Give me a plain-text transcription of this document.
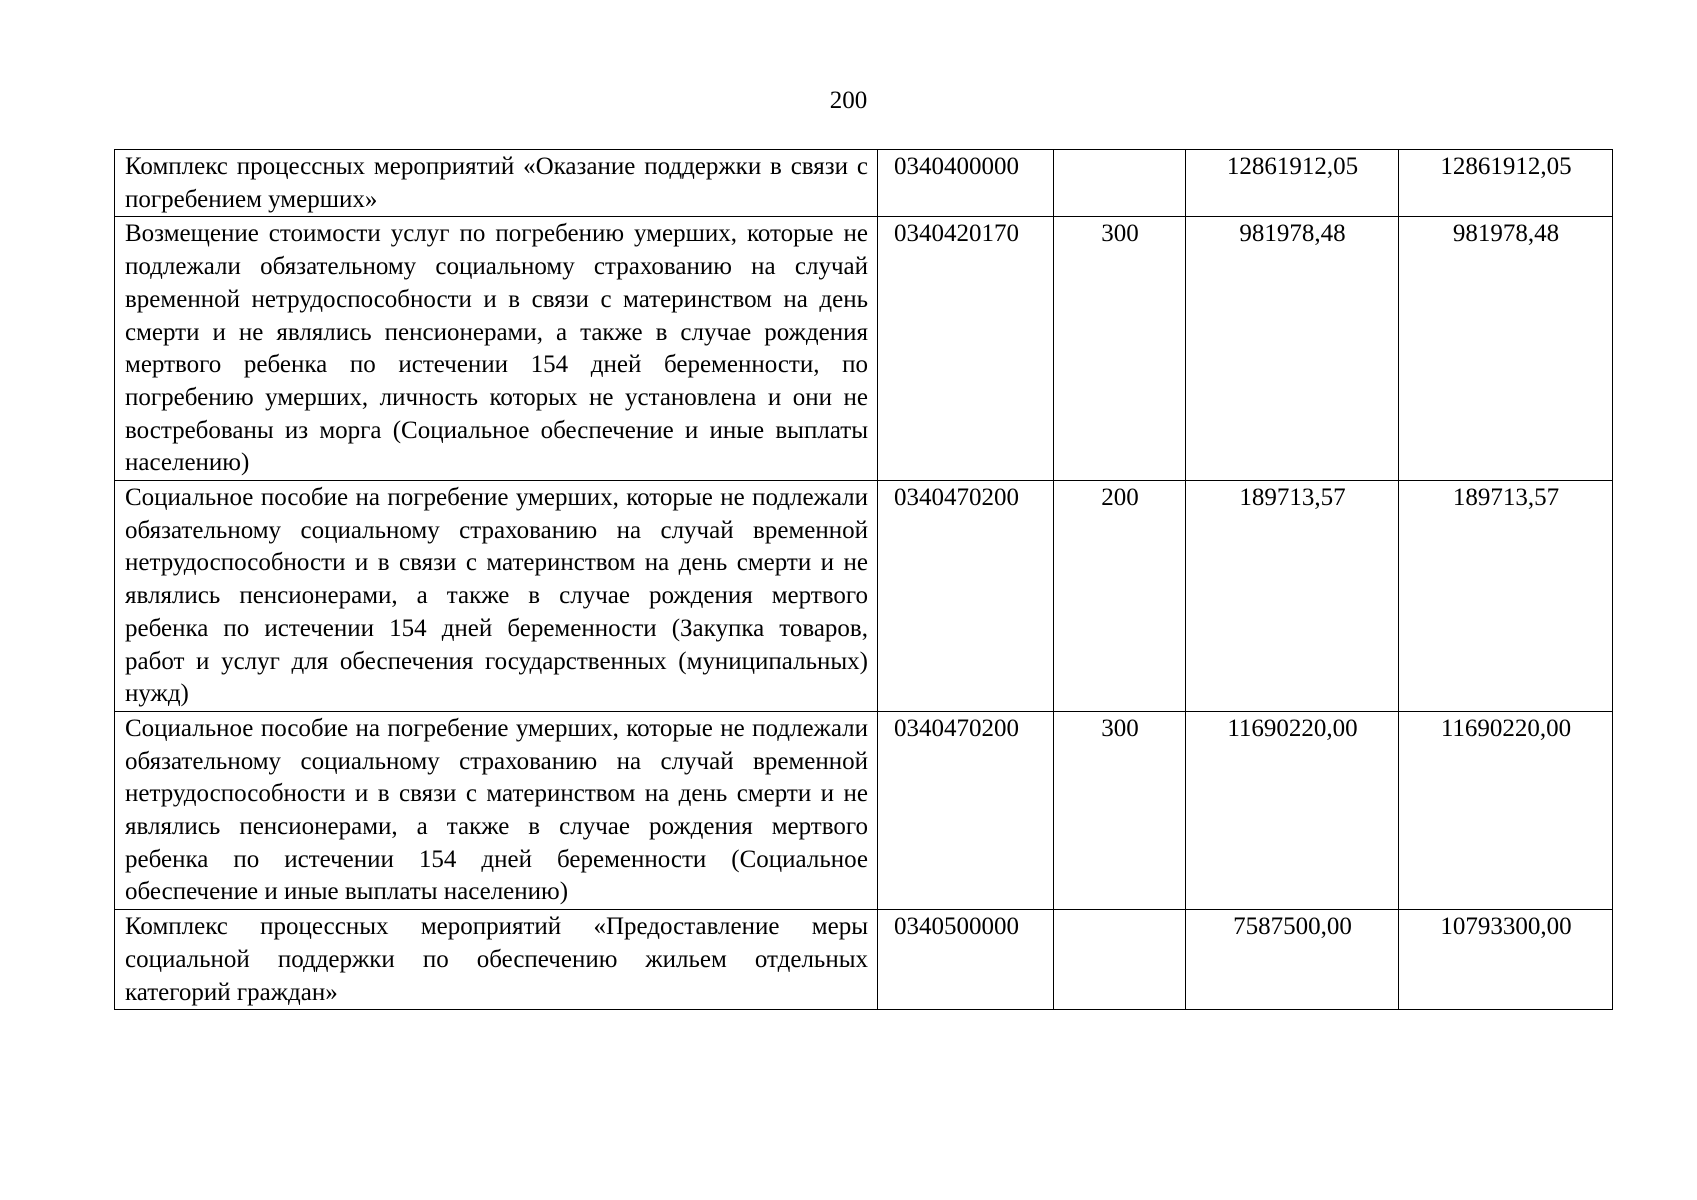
200
Комплекс процессных мероприятий «Оказание поддержки в связи с погребением умерших»	0340400000		12861912,05	12861912,05
Возмещение стоимости услуг по погребению умерших, которые не подлежали обязательному социальному страхованию на случай временной нетрудоспособности и в связи с материнством на день смерти и не являлись пенсионерами, а также в случае рождения мертвого ребенка по истечении 154 дней беременности, по погребению умерших, личность которых не установлена и они не востребованы из морга (Социальное обеспечение и иные выплаты населению)	0340420170	300	981978,48	981978,48
Социальное пособие на погребение умерших, которые не подлежали обязательному социальному страхованию на случай временной нетрудоспособности и в связи с материнством на день смерти и не являлись пенсионерами, а также в случае рождения мертвого ребенка по истечении 154 дней беременности (Закупка товаров, работ и услуг для обеспечения государственных (муниципальных) нужд)	0340470200	200	189713,57	189713,57
Социальное пособие на погребение умерших, которые не подлежали обязательному социальному страхованию на случай временной нетрудоспособности и в связи с материнством на день смерти и не являлись пенсионерами, а также в случае рождения мертвого ребенка по истечении 154 дней беременности (Социальное обеспечение и иные выплаты населению)	0340470200	300	11690220,00	11690220,00
Комплекс процессных мероприятий «Предоставление меры социальной поддержки по обеспечению жильем отдельных категорий граждан»	0340500000		7587500,00	10793300,00
